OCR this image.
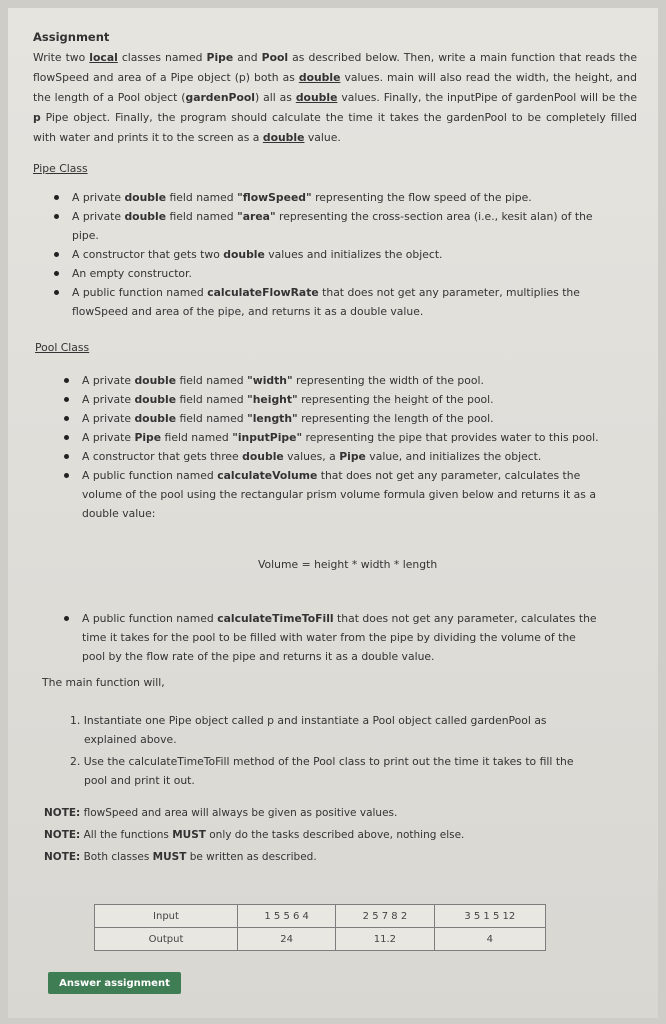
Assignment
Write two local classes named Pipe and Pool as described below. Then, write a main function that reads the flowSpeed and area of a Pipe object (p) both as double values. main will also read the width, the height, and the length of a Pool object (gardenPool) all as double values. Finally, the inputPipe of gardenPool will be the p Pipe object. Finally, the program should calculate the time it takes the gardenPool to be completely filled with water and prints it to the screen as a double value.
Pipe Class
A private double field named "flowSpeed" representing the flow speed of the pipe.
A private double field named "area" representing the cross-section area (i.e., kesit alan) of the pipe.
A constructor that gets two double values and initializes the object.
An empty constructor.
A public function named calculateFlowRate that does not get any parameter, multiplies the flowSpeed and area of the pipe, and returns it as a double value.
Pool Class
A private double field named "width" representing the width of the pool.
A private double field named "height" representing the height of the pool.
A private double field named "length" representing the length of the pool.
A private Pipe field named "inputPipe" representing the pipe that provides water to this pool.
A constructor that gets three double values, a Pipe value, and initializes the object.
A public function named calculateVolume that does not get any parameter, calculates the volume of the pool using the rectangular prism volume formula given below and returns it as a double value:
Volume = height * width * length
A public function named calculateTimeToFill that does not get any parameter, calculates the time it takes for the pool to be filled with water from the pipe by dividing the volume of the pool by the flow rate of the pipe and returns it as a double value.
The main function will,
1. Instantiate one Pipe object called p and instantiate a Pool object called gardenPool as explained above.
2. Use the calculateTimeToFill method of the Pool class to print out the time it takes to fill the pool and print it out.
NOTE: flowSpeed and area will always be given as positive values.
NOTE: All the functions MUST only do the tasks described above, nothing else.
NOTE: Both classes MUST be written as described.
Input	1 5 5 6 4	2 5 7 8 2	3 5 1 5 12
Output	24	11.2	4
Answer assignment
